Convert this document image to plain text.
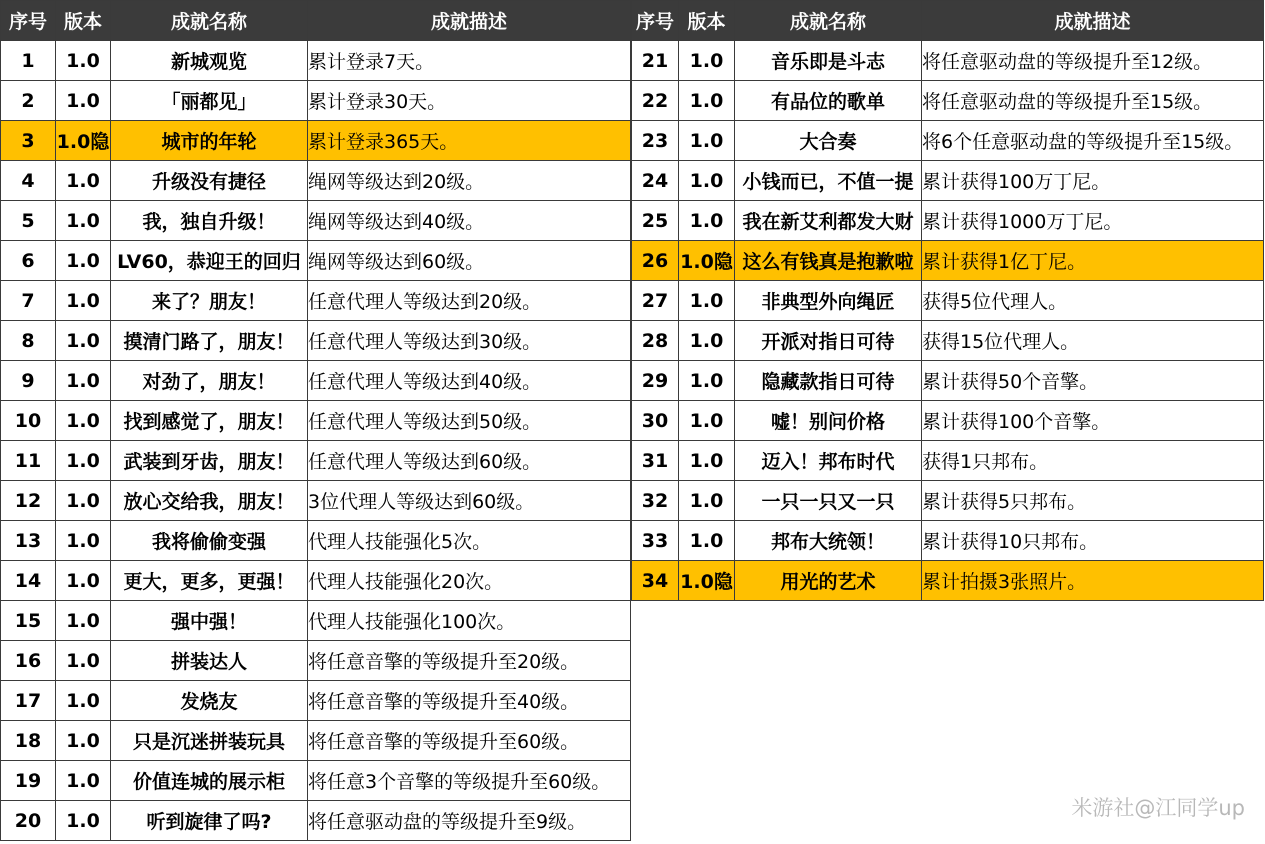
序号	版本	成就名称	成就描述
1	1.0	新城观览	累计登录7天。
2	1.0	「丽都见」	累计登录30天。
3	1.0隐	城市的年轮	累计登录365天。
4	1.0	升级没有捷径	绳网等级达到20级。
5	1.0	我，独自升级！	绳网等级达到40级。
6	1.0	LV60，恭迎王的回归	绳网等级达到60级。
7	1.0	来了？朋友！	任意代理人等级达到20级。
8	1.0	摸清门路了，朋友！	任意代理人等级达到30级。
9	1.0	对劲了，朋友！	任意代理人等级达到40级。
10	1.0	找到感觉了，朋友！	任意代理人等级达到50级。
11	1.0	武装到牙齿，朋友！	任意代理人等级达到60级。
12	1.0	放心交给我，朋友！	3位代理人等级达到60级。
13	1.0	我将偷偷变强	代理人技能强化5次。
14	1.0	更大，更多，更强！	代理人技能强化20次。
15	1.0	强中强！	代理人技能强化100次。
16	1.0	拼装达人	将任意音擎的等级提升至20级。
17	1.0	发烧友	将任意音擎的等级提升至40级。
18	1.0	只是沉迷拼装玩具	将任意音擎的等级提升至60级。
19	1.0	价值连城的展示柜	将任意3个音擎的等级提升至60级。
20	1.0	听到旋律了吗?	将任意驱动盘的等级提升至9级。
序号	版本	成就名称	成就描述
21	1.0	音乐即是斗志	将任意驱动盘的等级提升至12级。
22	1.0	有品位的歌单	将任意驱动盘的等级提升至15级。
23	1.0	大合奏	将6个任意驱动盘的等级提升至15级。
24	1.0	小钱而已，不值一提	累计获得100万丁尼。
25	1.0	我在新艾利都发大财	累计获得1000万丁尼。
26	1.0隐	这么有钱真是抱歉啦	累计获得1亿丁尼。
27	1.0	非典型外向绳匠	获得5位代理人。
28	1.0	开派对指日可待	获得15位代理人。
29	1.0	隐藏款指日可待	累计获得50个音擎。
30	1.0	嘘！别问价格	累计获得100个音擎。
31	1.0	迈入！邦布时代	获得1只邦布。
32	1.0	一只一只又一只	累计获得5只邦布。
33	1.0	邦布大统领！	累计获得10只邦布。
34	1.0隐	用光的艺术	累计拍摄3张照片。
米游社@江同学up
